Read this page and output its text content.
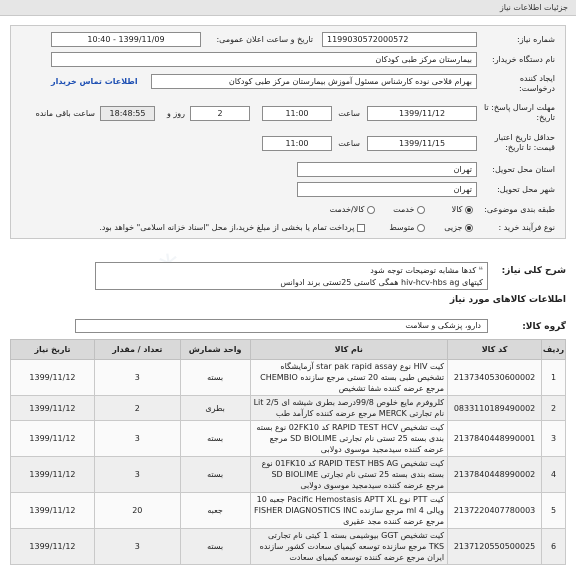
جزئیات اطلاعات نیاز
شماره نیاز:
1199030572000572
تاریخ و ساعت اعلان عمومی:
1399/11/09 - 10:40
نام دستگاه خریدار:
بیمارستان مرکز طبی کودکان
ایجاد کننده درخواست:
بهرام فلاحی نوده کارشناس مسئول آموزش بیمارستان مرکز طبی کودکان
اطلاعات تماس خریدار
مهلت ارسال پاسخ: تا تاریخ:
1399/11/12
ساعت
11:00
2
روز و
18:48:55
ساعت باقی مانده
حداقل تاریخ اعتبار قیمت: تا تاریخ:
1399/11/15
ساعت
11:00
استان محل تحویل:
تهران
شهر محل تحویل:
تهران
طبقه بندی موضوعی:
کالا
خدمت
کالا/خدمت
نوع فرآیند خرید :
جزیی
متوسط
پرداخت تمام یا بخشی از مبلغ خرید،از محل "اسناد خزانه اسلامی" خواهد بود.
شرح کلی نیاز:
❝کدها مشابه توضیحات توجه شود
کیتهای hiv-hcv-hbs ag همگی کاستی 25تستی برند ادوانس
اطلاعات کالاهای مورد نیاز
گروه کالا:
دارو، پزشکی و سلامت
ردیف	کد کالا	نام کالا	واحد شمارش	تعداد / مقدار	تاریخ نیاز
1	2137340530600002	کیت HIV نوع star pak rapid assay آزمایشگاه تشخیص طبی بسته 20 تستی مرجع سازنده CHEMBIO مرجع عرضه کننده شفا تشخیص	بسته	3	1399/11/12
2	0833110189490002	کلروفرم مایع خلوص 99/8درصد بطری شیشه ای 2/5 Lit نام تجارتی MERCK مرجع عرضه کننده کارآمد طب	بطری	2	1399/11/12
3	2137840448990001	کیت تشخیص RAPID TEST HCV کد 02FK10 نوع بسته بندی بسته 25 تستی نام تجارتی SD BIOLIME مرجع عرضه کننده سیدمجید موسوی دولابی	بسته	3	1399/11/12
4	2137840448990002	کیت تشخیص RAPID TEST HBS AG کد 01FK10 نوع بسته بندی بسته 25 تستی نام تجارتی SD BIOLIME مرجع عرضه کننده سیدمجید موسوی دولابی	بسته	3	1399/11/12
5	2137220407780003	کیت PTT نوع Pacific Hemostasis APTT XL جعبه 10 ویالی 4 ml مرجع سازنده FISHER DIAGNOSTICS INC مرجع عرضه کننده مجد عقیری	جعبه	20	1399/11/12
6	2137120550500025	کیت تشخیص GGT بیوشیمی بسته 1 کیتی نام تجارتی TKS مرجع سازنده توسعه کیمیای سعادت کشور سازنده ایران مرجع عرضه کننده توسعه کیمیای سعادت	بسته	3	1399/11/12
